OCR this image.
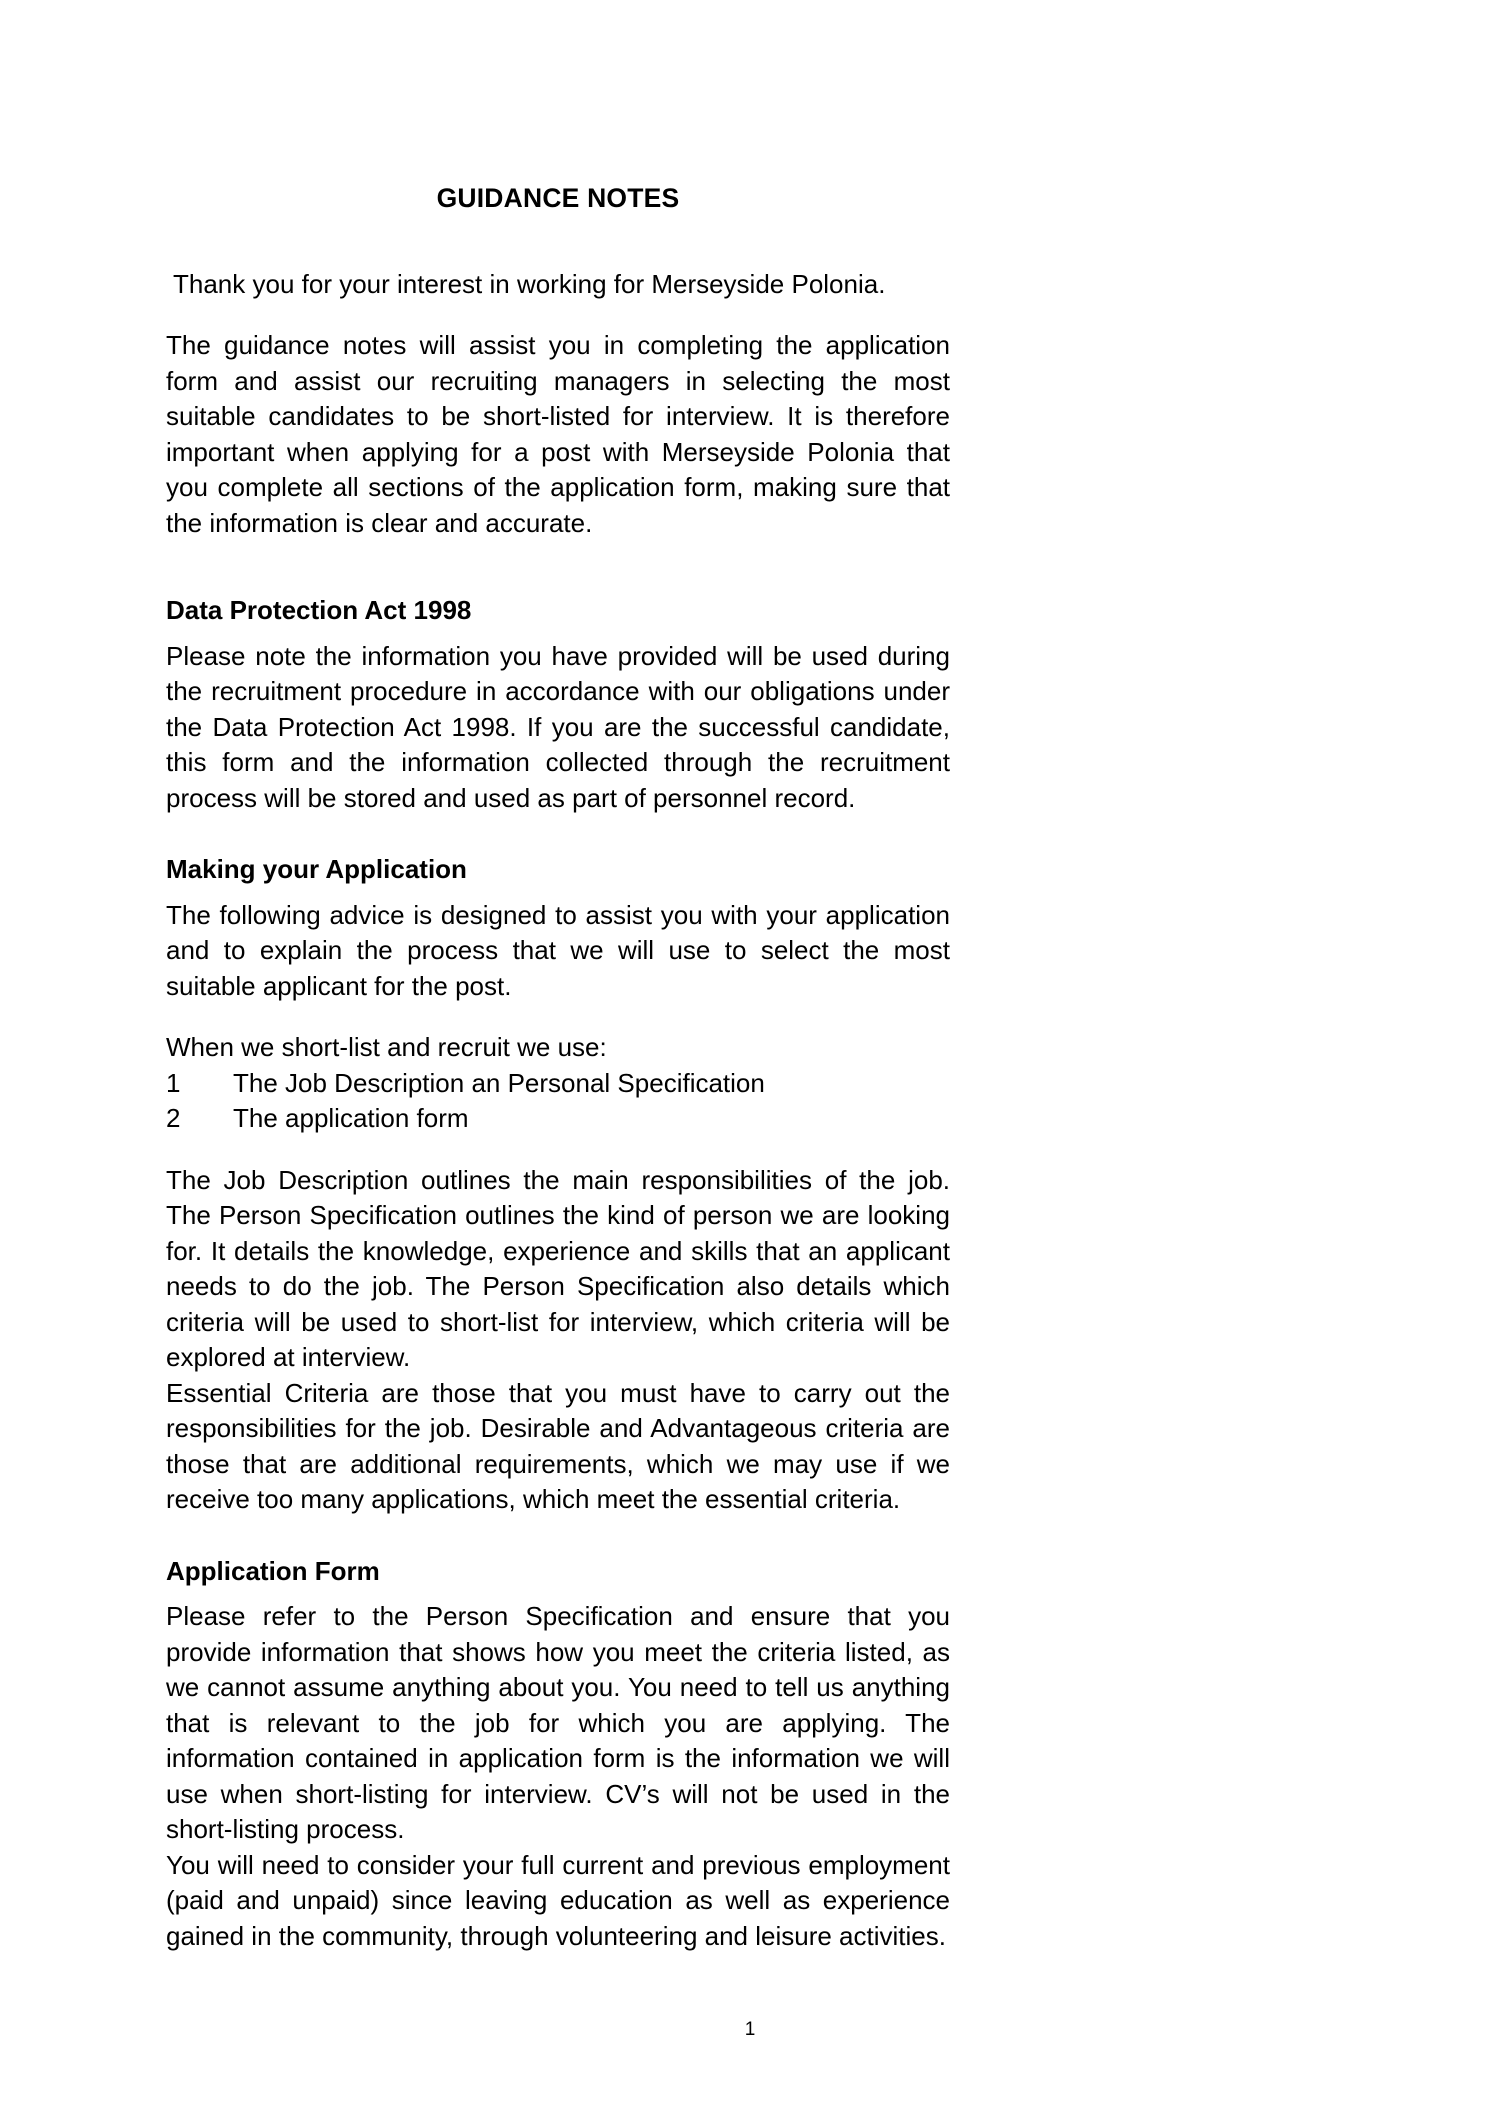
GUIDANCE NOTES

Thank you for your interest in working for Merseyside Polonia.

The guidance notes will assist you in completing the application form and assist our recruiting managers in selecting the most suitable candidates to be short-listed for interview. It is therefore important when applying for a post with Merseyside Polonia that you complete all sections of the application form, making sure that the information is clear and accurate.

Data Protection Act 1998

Please note the information you have provided will be used during the recruitment procedure in accordance with our obligations under the Data Protection Act 1998. If you are the successful candidate, this form and the information collected through the recruitment process will be stored and used as part of personnel record.

Making your Application

The following advice is designed to assist you with your application and to explain the process that we will use to select the most suitable applicant for the post.

When we short-list and recruit we use:

1	The Job Description an Personal Specification
2	The application form

The Job Description outlines the main responsibilities of the job. The Person Specification outlines the kind of person we are looking for. It details the knowledge, experience and skills that an applicant needs to do the job. The Person Specification also details which criteria will be used to short-list for interview, which criteria will be explored at interview.

Essential Criteria are those that you must have to carry out the responsibilities for the job. Desirable and Advantageous criteria are those that are additional requirements, which we may use if we receive too many applications, which meet the essential criteria.

Application Form

Please refer to the Person Specification and ensure that you provide information that shows how you meet the criteria listed, as we cannot assume anything about you. You need to tell us anything that is relevant to the job for which you are applying. The information contained in application form is the information we will use when short-listing for interview. CV’s will not be used in the short-listing process.

You will need to consider your full current and previous employment (paid and unpaid) since leaving education as well as experience gained in the community, through volunteering and leisure activities.

1
